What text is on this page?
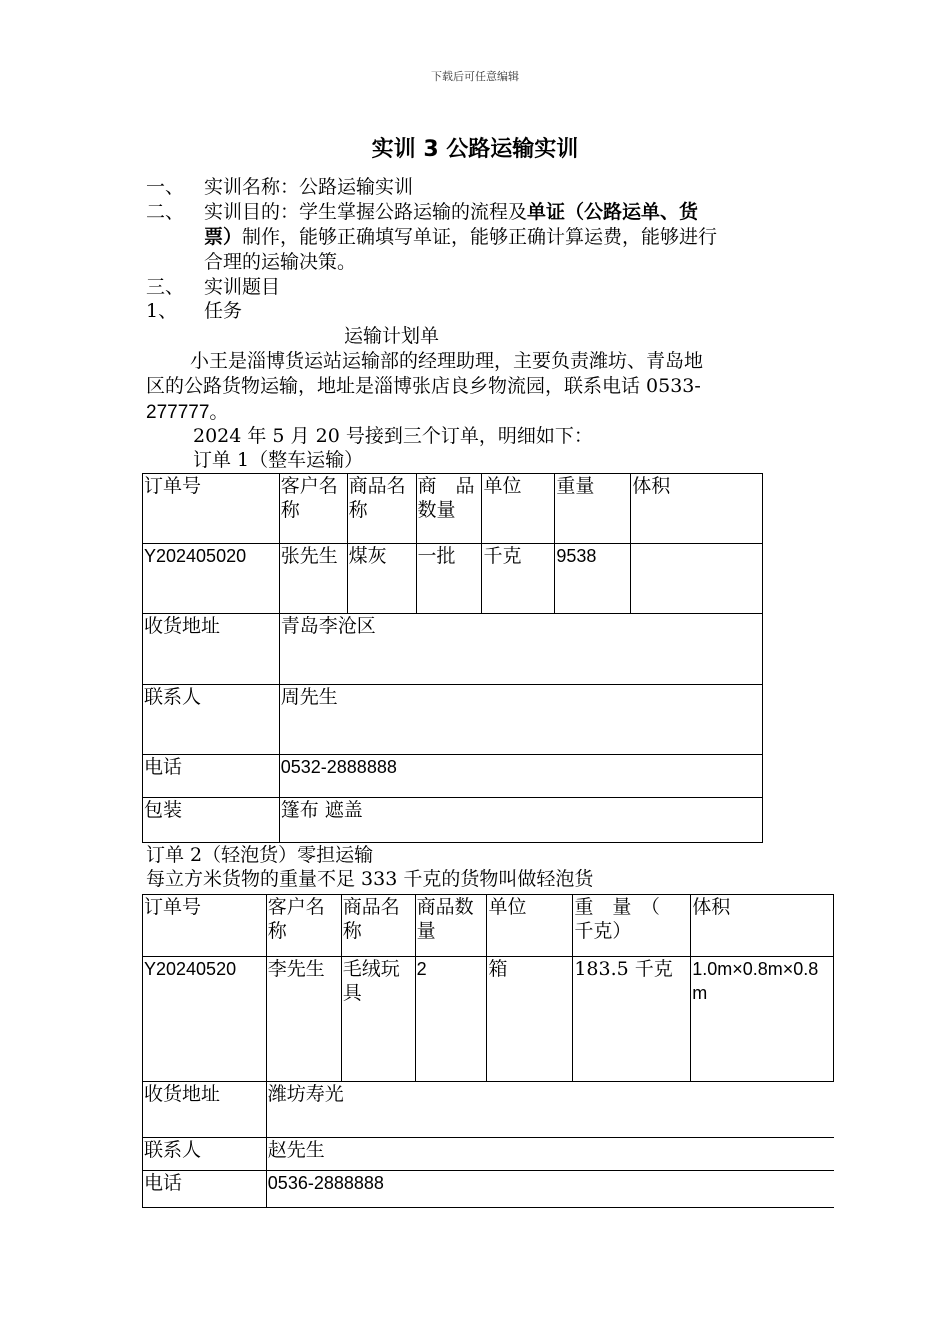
下载后可任意编辑
实训 3 公路运输实训
一、 实训名称：公路运输实训
二、 实训目的：学生掌握公路运输的流程及单证（公路运单、货
票）制作，能够正确填写单证，能够正确计算运费，能够进行
合理的运输决策。
三、 实训题目
1、 任务
运输计划单
小王是淄博货运站运输部的经理助理，主要负责潍坊、青岛地
区的公路货物运输，地址是淄博张店良乡物流园，联系电话 0533-
277777。
2024 年 5 月 20 号接到三个订单，明细如下：
订单 1（整车运输）
订单号	客户名称	商品名称	商　品数量	单位	重量	体积
Y202405020	张先生	煤灰	一批	千克	9538	
收货地址	青岛李沧区					
联系人	周先生					
电话	0532-2888888					
包装	篷布 遮盖					
订单 2（轻泡货）零担运输
每立方米货物的重量不足 333 千克的货物叫做轻泡货
订单号	客户名称	商品名称	商品数量	单位	重　量　（　千克）	体积
Y20240520	李先生	毛绒玩具	2	箱	183.5 千克	1.0m×0.8m×0.8m
收货地址	潍坊寿光					
联系人	赵先生					
电话	0536-2888888					
